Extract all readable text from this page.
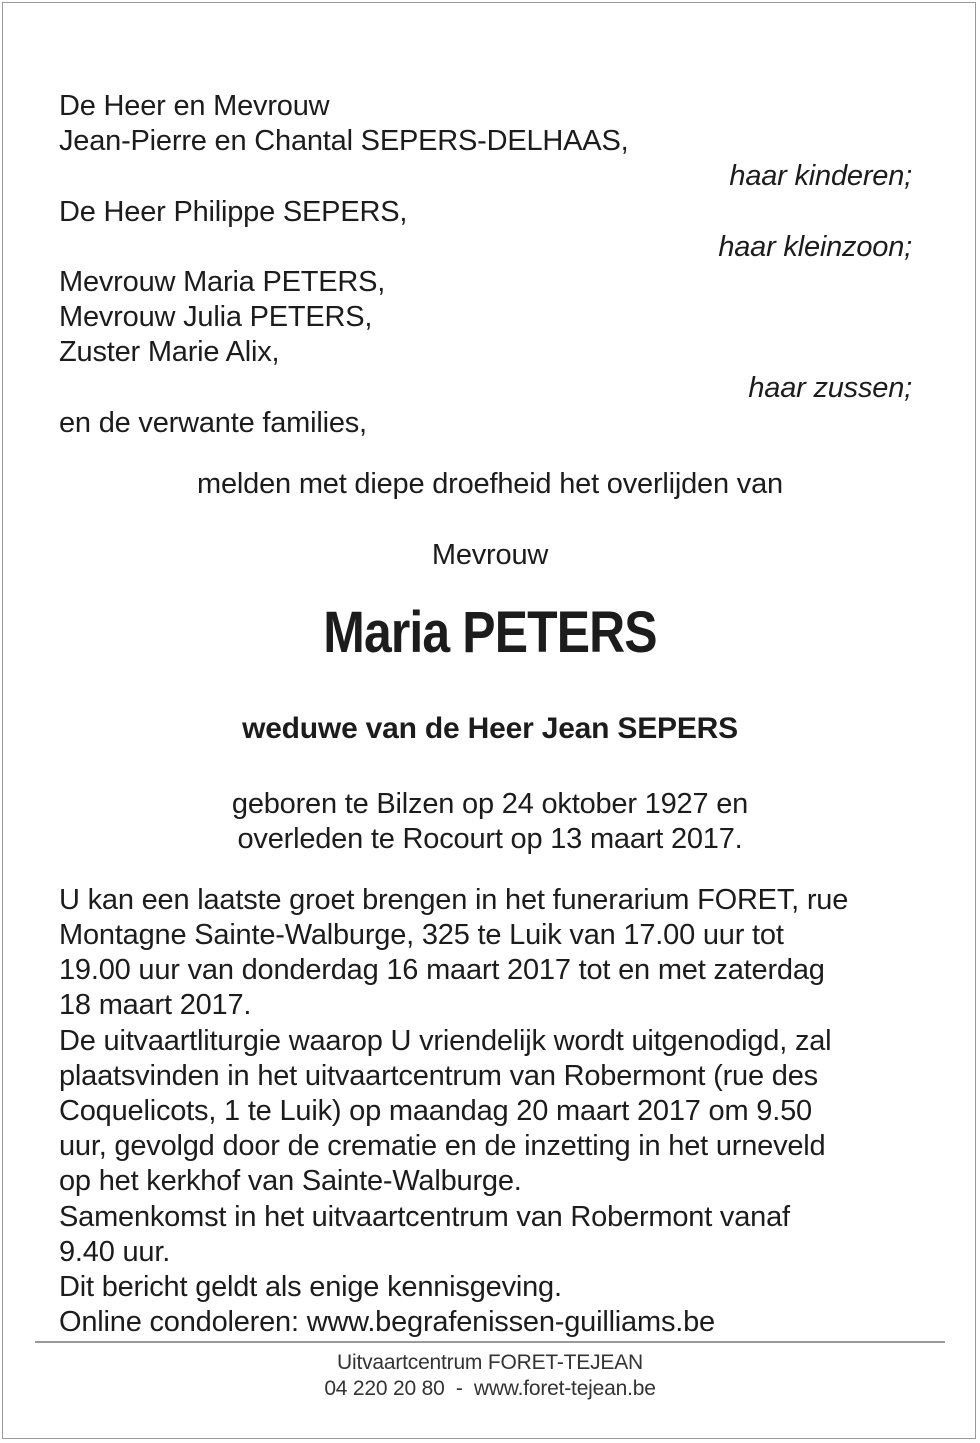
De Heer en Mevrouw
Jean-Pierre en Chantal SEPERS-DELHAAS,
haar kinderen;
De Heer Philippe SEPERS,
haar kleinzoon;
Mevrouw Maria PETERS,
Mevrouw Julia PETERS,
Zuster Marie Alix,
haar zussen;
en de verwante families,
melden met diepe droefheid het overlijden van
Mevrouw
Maria PETERS
weduwe van de Heer Jean SEPERS
geboren te Bilzen op 24 oktober 1927 en
overleden te Rocourt op 13 maart 2017.
U kan een laatste groet brengen in het funerarium FORET, rue
Montagne Sainte-Walburge, 325 te Luik van 17.00 uur tot
19.00 uur van donderdag 16 maart 2017 tot en met zaterdag
18 maart 2017.
De uitvaartliturgie waarop U vriendelijk wordt uitgenodigd, zal
plaatsvinden in het uitvaartcentrum van Robermont (rue des
Coquelicots, 1 te Luik) op maandag 20 maart 2017 om 9.50
uur, gevolgd door de crematie en de inzetting in het urneveld
op het kerkhof van Sainte-Walburge.
Samenkomst in het uitvaartcentrum van Robermont vanaf
9.40 uur.
Dit bericht geldt als enige kennisgeving.
Online condoleren: www.begrafenissen-guilliams.be
Uitvaartcentrum FORET-TEJEAN
04 220 20 80  -  www.foret-tejean.be
